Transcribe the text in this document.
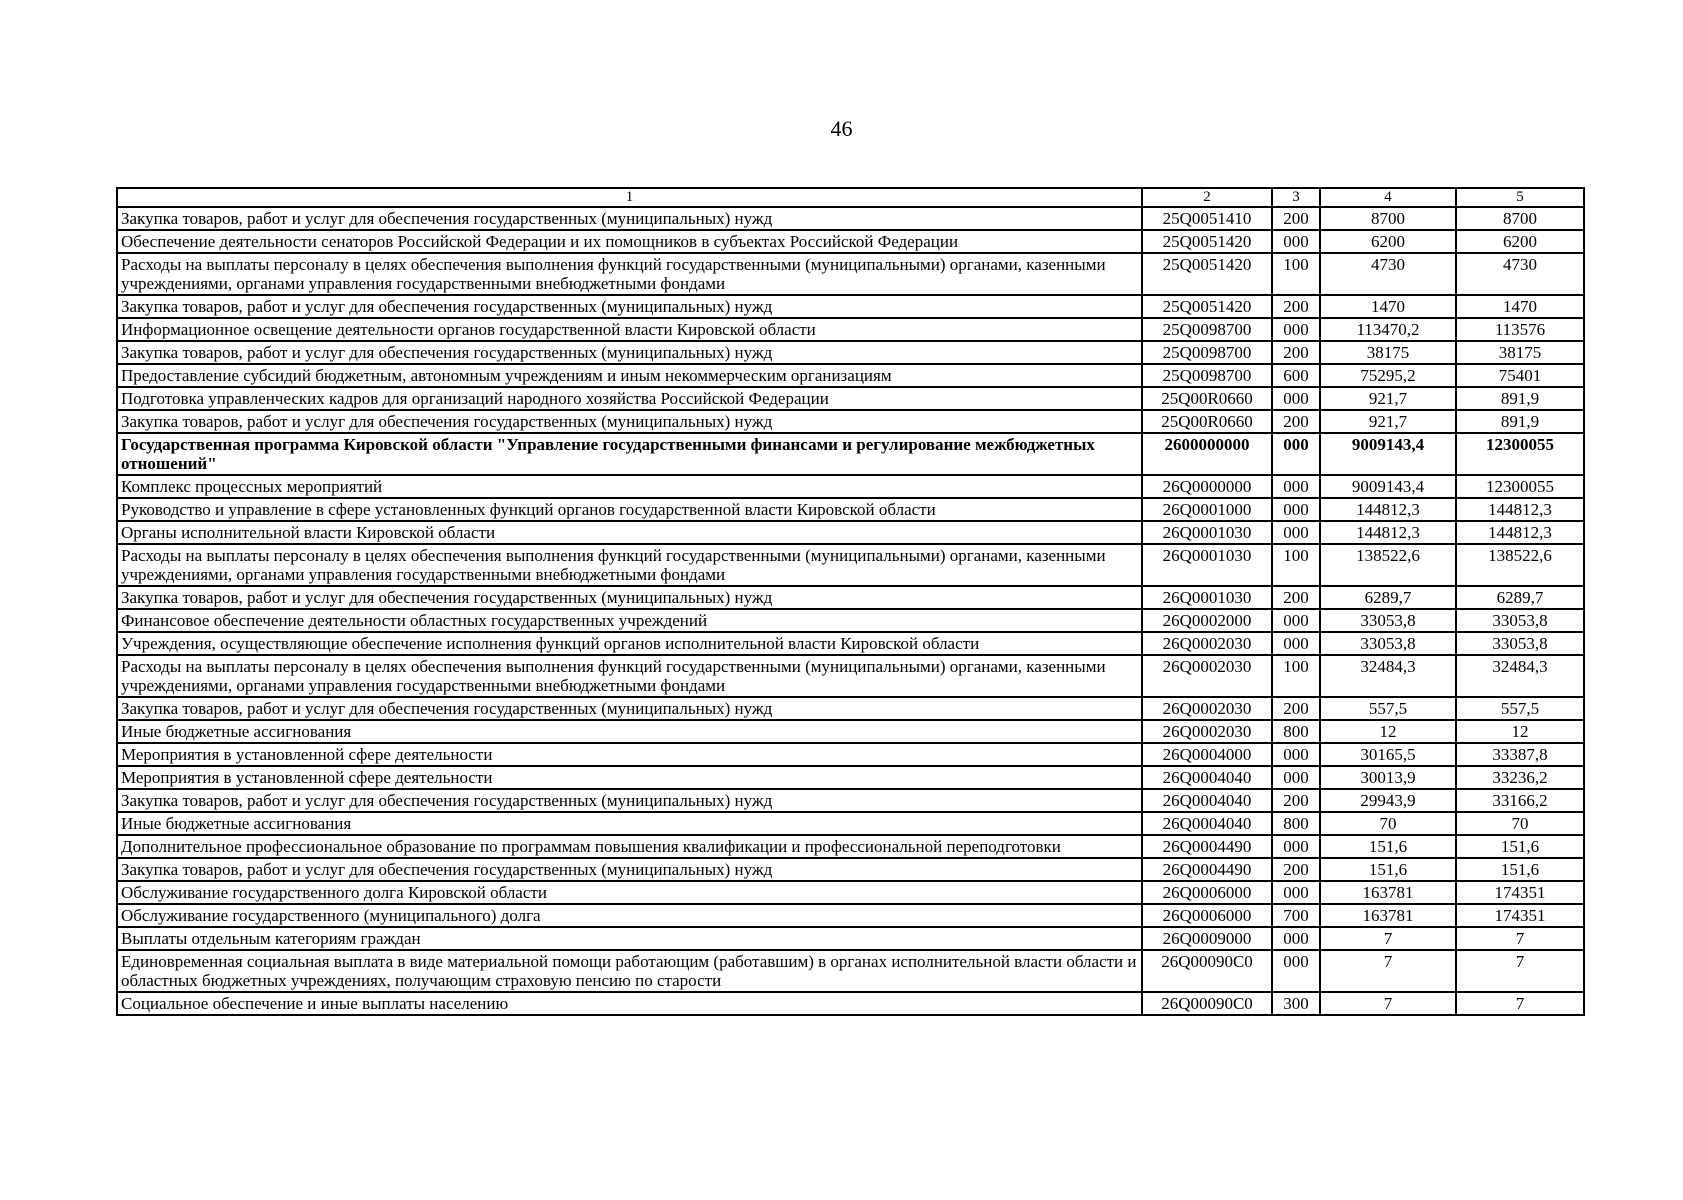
46
1	2	3	4	5
Закупка товаров, работ и услуг для обеспечения государственных (муниципальных) нужд	25Q0051410	200	8700	8700
Обеспечение деятельности сенаторов Российской Федерации и их помощников в субъектах Российской Федерации	25Q0051420	000	6200	6200
Расходы на выплаты персоналу в целях обеспечения выполнения функций государственными (муниципальными) органами, казенными учреждениями, органами управления государственными внебюджетными фондами	25Q0051420	100	4730	4730
Закупка товаров, работ и услуг для обеспечения государственных (муниципальных) нужд	25Q0051420	200	1470	1470
Информационное освещение деятельности органов государственной власти Кировской области	25Q0098700	000	113470,2	113576
Закупка товаров, работ и услуг для обеспечения государственных (муниципальных) нужд	25Q0098700	200	38175	38175
Предоставление субсидий бюджетным, автономным учреждениям и иным некоммерческим организациям	25Q0098700	600	75295,2	75401
Подготовка управленческих кадров для организаций народного хозяйства Российской Федерации	25Q00R0660	000	921,7	891,9
Закупка товаров, работ и услуг для обеспечения государственных (муниципальных) нужд	25Q00R0660	200	921,7	891,9
Государственная программа Кировской области "Управление государственными финансами и регулирование межбюджетных отношений"	2600000000	000	9009143,4	12300055
Комплекс процессных мероприятий	26Q0000000	000	9009143,4	12300055
Руководство и управление в сфере установленных функций органов государственной власти Кировской области	26Q0001000	000	144812,3	144812,3
Органы исполнительной власти Кировской области	26Q0001030	000	144812,3	144812,3
Расходы на выплаты персоналу в целях обеспечения выполнения функций государственными (муниципальными) органами, казенными учреждениями, органами управления государственными внебюджетными фондами	26Q0001030	100	138522,6	138522,6
Закупка товаров, работ и услуг для обеспечения государственных (муниципальных) нужд	26Q0001030	200	6289,7	6289,7
Финансовое обеспечение деятельности областных государственных учреждений	26Q0002000	000	33053,8	33053,8
Учреждения, осуществляющие обеспечение исполнения функций органов исполнительной власти Кировской области	26Q0002030	000	33053,8	33053,8
Расходы на выплаты персоналу в целях обеспечения выполнения функций государственными (муниципальными) органами, казенными учреждениями, органами управления государственными внебюджетными фондами	26Q0002030	100	32484,3	32484,3
Закупка товаров, работ и услуг для обеспечения государственных (муниципальных) нужд	26Q0002030	200	557,5	557,5
Иные бюджетные ассигнования	26Q0002030	800	12	12
Мероприятия в установленной сфере деятельности	26Q0004000	000	30165,5	33387,8
Мероприятия в установленной сфере деятельности	26Q0004040	000	30013,9	33236,2
Закупка товаров, работ и услуг для обеспечения государственных (муниципальных) нужд	26Q0004040	200	29943,9	33166,2
Иные бюджетные ассигнования	26Q0004040	800	70	70
Дополнительное профессиональное образование по программам повышения квалификации и профессиональной переподготовки	26Q0004490	000	151,6	151,6
Закупка товаров, работ и услуг для обеспечения государственных (муниципальных) нужд	26Q0004490	200	151,6	151,6
Обслуживание государственного долга Кировской области	26Q0006000	000	163781	174351
Обслуживание государственного (муниципального) долга	26Q0006000	700	163781	174351
Выплаты отдельным категориям граждан	26Q0009000	000	7	7
Единовременная социальная выплата в виде материальной помощи работающим (работавшим) в органах исполнительной власти области и областных бюджетных учреждениях, получающим страховую пенсию по старости	26Q00090C0	000	7	7
Социальное обеспечение и иные выплаты населению	26Q00090C0	300	7	7
